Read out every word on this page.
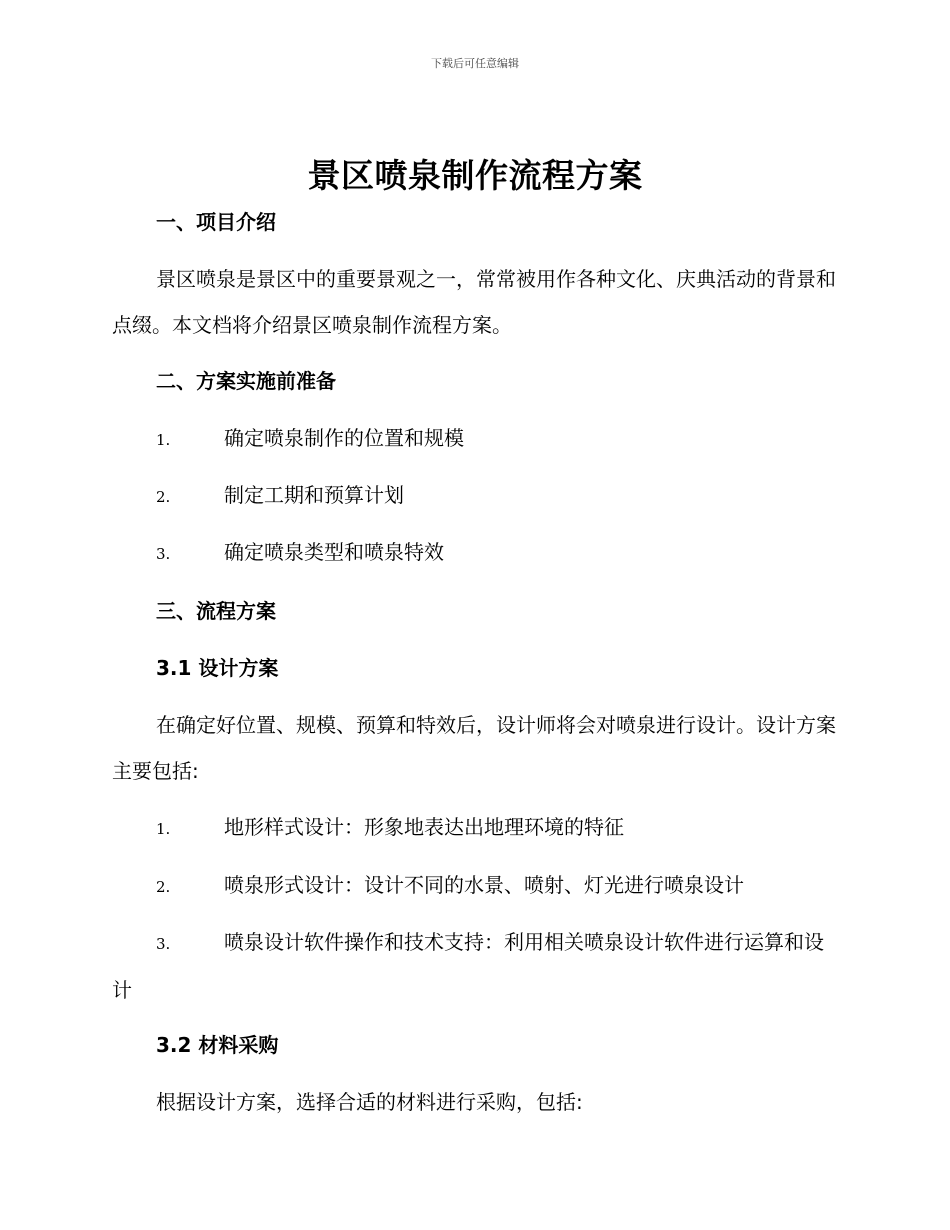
下载后可任意编辑
景区喷泉制作流程方案
一、项目介绍
景区喷泉是景区中的重要景观之一，常常被用作各种文化、庆典活动的背景和点缀。本文档将介绍景区喷泉制作流程方案。
二、方案实施前准备
1.	确定喷泉制作的位置和规模
2.	制定工期和预算计划
3.	确定喷泉类型和喷泉特效
三、流程方案
3.1 设计方案
在确定好位置、规模、预算和特效后，设计师将会对喷泉进行设计。设计方案主要包括:
1.	地形样式设计：形象地表达出地理环境的特征
2.	喷泉形式设计：设计不同的水景、喷射、灯光进行喷泉设计
3.	喷泉设计软件操作和技术支持：利用相关喷泉设计软件进行运算和设计
3.2 材料采购
根据设计方案，选择合适的材料进行采购，包括:
